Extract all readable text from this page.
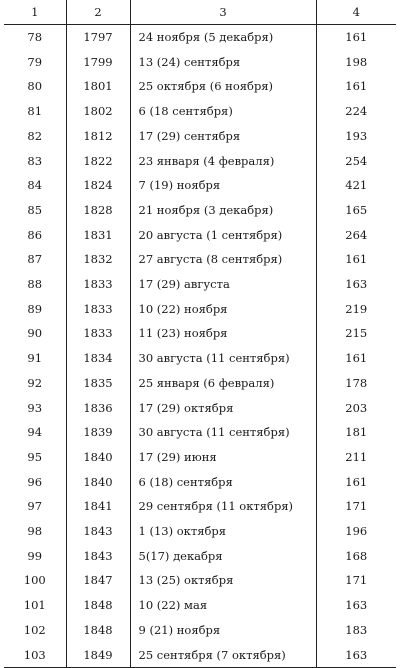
1	2	3	4
78	1797	24 ноября (5 декабря)	161
79	1799	13 (24) сентября	198
80	1801	25 октября (6 ноября)	161
81	1802	6 (18 сентября)	224
82	1812	17 (29) сентября	193
83	1822	23 января (4 февраля)	254
84	1824	7 (19) ноября	421
85	1828	21 ноября (3 декабря)	165
86	1831	20 августа (1 сентября)	264
87	1832	27 августа (8 сентября)	161
88	1833	17 (29) августа	163
89	1833	10 (22) ноября	219
90	1833	11 (23) ноября	215
91	1834	30 августа (11 сентября)	161
92	1835	25 января (6 февраля)	178
93	1836	17 (29) октября	203
94	1839	30 августа (11 сентября)	181
95	1840	17 (29) июня	211
96	1840	6 (18) сентября	161
97	1841	29 сентября (11 октября)	171
98	1843	1 (13) октября	196
99	1843	5(17) декабря	168
100	1847	13 (25) октября	171
101	1848	10 (22) мая	163
102	1848	9 (21) ноября	183
103	1849	25 сентября (7 октября)	163
